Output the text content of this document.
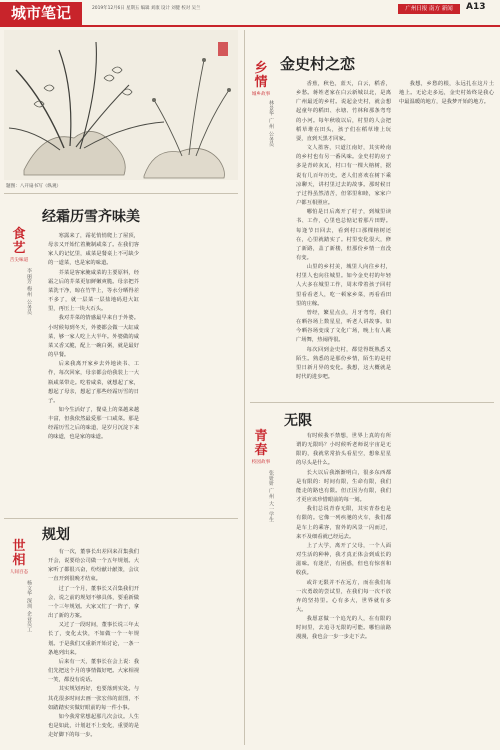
城市笔记	2019年12月6日 星期五 编辑 刘康 设计 刘健 校对 吴兰	广州日报 南方 新闻	A13
题图：八开扇书写（纵观）
乡
情
城乡故事
金史村之恋
林景华 广州 公务员

香蕉，秋色，蓝天，白云，稻香，乡愁。蒋姓老家在白云新城以北，是离广州最近的乡村。说起金史村，就会想起童年的稻田、水塘、竹林和那条弯弯的小河。每年秋收以后，村里的人会把稻草堆在田头，孩子们在稻草堆上玩耍，直到天黑才回家。

文人墨客，只道江南好，其实岭南的乡村也有另一番风味。金史村的房子多是青砖灰瓦，村口有一棵大榕树，据说有几百年历史。老人们喜欢在树下乘凉聊天，讲村里过去的故事。那时候日子过得虽然清苦，但邻里和睦，家家户户都互相照应。

哪怕是日后离开了村子，到城里读书、工作，心里也总惦记着那片田野。每逢节日回去，看到村口那棵榕树还在，心里就踏实了。村里变化很大，修了新路，盖了新楼，但那份乡情一直没有变。

山里的乡村美，城里人向往乡村，村里人也向往城里。如今金史村的年轻人大多在城里工作，周末带着孩子回村里看看老人，吃一顿家乡菜，再看看田里的庄稼。

曾经，繁星点点，月牙弯弯，我们在晒谷场上数星星，听老人讲故事。如今晒谷场变成了文化广场，晚上有人跳广场舞，热闹得很。

每次回到金史村，都觉得既熟悉又陌生。熟悉的是那份乡情，陌生的是村里日新月异的变化。我想，这大概就是时代的进步吧。

我想，乡愁的根，永远扎在这片土地上。无论走多远，金史村始终是我心中最温暖的地方，是我梦开始的地方。

食
艺
舌尖味道
经霜历雪齐味美
李丽芳 梅州 公务员

寒露来了，霜花悄悄爬上了屋顶，母亲又开始忙着腌制咸菜了。在我们客家人的记忆里，咸菜是餐桌上不可缺少的一道菜，也是家的味道。

芥菜是客家腌咸菜的主要原料，经霜之后的芥菜更加鲜嫩爽脆。母亲把芥菜洗干净，晾在竹竿上，等水分晒得差不多了，就一层菜一层盐地码进大缸里，再压上一块大石头。

我对芥菜的情感最早来自于外婆。小时候每到冬天，外婆都会做一大缸咸菜，够一家人吃上大半年。外婆做的咸菜又香又脆，配上一碗白粥，就是最好的早餐。

后来我离开家乡去外地读书、工作，每次回家，母亲都会给我装上一大瓶咸菜带走。吃着咸菜，就想起了家，想起了母亲，想起了那些经霜历雪的日子。

如今生活好了，餐桌上的菜越来越丰富，但我依然最爱那一口咸菜。那是经霜历雪之后的味道，是岁月沉淀下来的味道，也是家的味道。	青
春
校园故事
无限
张妍妍 广州 大一学生

有时候我不禁想，世界上真的有所谓的无限吗？小时候听老师说宇宙是无限的，我就常常抬头看星空，想象星星的尽头是什么。

长大以后我渐渐明白，很多东西都是有限的：时间有限，生命有限，我们能走的路也有限。但正因为有限，我们才更应该珍惜眼前的每一刻。

我们总说青春无限，其实青春也是有限的。它像一列疾驰的火车，我们都是车上的乘客，窗外的风景一闪而过，来不及细看就已经远去。

上了大学，离开了父母，一个人面对生活的种种，我才真正体会到成长的滋味。有迷茫，有困惑，但也有惊喜和收获。

或许无限并不在远方，而在我们每一次勇敢的尝试里，在我们每一次不放弃的坚持里。心有多大，世界就有多大。

我愿意做一个追光的人，在有限的时间里，去追寻无限的可能。哪怕前路漫漫，我也会一步一步走下去。

世
相
人间百态
规划
杨文华 深圳 企业员工

有一次，董事长出差回来召集我们开会，说要给公司做一个五年规划。大家听了都很兴奋，纷纷献计献策，会议一直开到很晚才结束。

过了一个月，董事长又召集我们开会，说之前的规划不够具体，要重新做一个三年规划。大家又忙了一阵子，拿出了新的方案。

又过了一段时间，董事长说三年太长了，变化太快，不如做一个一年规划。于是我们又重新开始讨论，一条一条地列出来。

后来有一天，董事长在会上说：我们先把这个月的事情做好吧。大家相视一笑，都没有说话。

其实规划再好，也要落到实处。与其花很多时间去画一张宏伟的蓝图，不如踏踏实实做好眼前的每一件小事。

如今我常常想起那几次会议。人生也是如此，计划赶不上变化，重要的是走好脚下的每一步。
